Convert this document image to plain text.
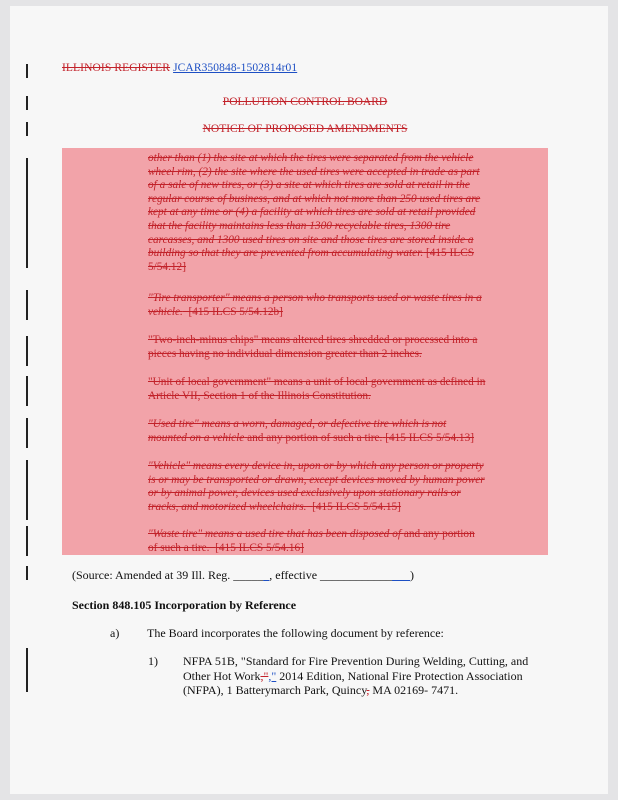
ILLINOIS REGISTER JCAR350848-1502814r01
POLLUTION CONTROL BOARD
NOTICE OF PROPOSED AMENDMENTS
other than (1) the site at which the tires were separated from the vehicle
wheel rim, (2) the site where the used tires were accepted in trade as part
of a sale of new tires, or (3) a site at which tires are sold at retail in the
regular course of business, and at which not more than 250 used tires are
kept at any time or (4) a facility at which tires are sold at retail provided
that the facility maintains less than 1300 recyclable tires, 1300 tire
carcasses, and 1300 used tires on site and those tires are stored inside a
building so that they are prevented from accumulating water. [415 ILCS
5/54.12]
"Tire transporter" means a person who transports used or waste tires in a
vehicle. [415 ILCS 5/54.12b]
"Two-inch-minus chips" means altered tires shredded or processed into a
pieces having no individual dimension greater than 2 inches.
"Unit of local government" means a unit of local government as defined in
Article VII, Section 1 of the Illinois Constitution.
"Used tire" means a worn, damaged, or defective tire which is not
mounted on a vehicle and any portion of such a tire. [415 ILCS 5/54.13]
"Vehicle" means every device in, upon or by which any person or property
is or may be transported or drawn, except devices moved by human power
or by animal power, devices used exclusively upon stationary rails or
tracks, and motorized wheelchairs. [415 ILCS 5/54.15]
"Waste tire" means a used tire that has been disposed of and any portion
of such a tire. [415 ILCS 5/54.16]
(Source: Amended at 39 Ill. Reg. ______, effective _______________)
Section 848.105 Incorporation by Reference
a) The Board incorporates the following document by reference:
1) NFPA 51B, "Standard for Fire Prevention During Welding, Cutting, and
Other Hot Work,"," 2014 Edition, National Fire Protection Association
(NFPA), 1 Batterymarch Park, Quincy, MA 02169- 7471.
